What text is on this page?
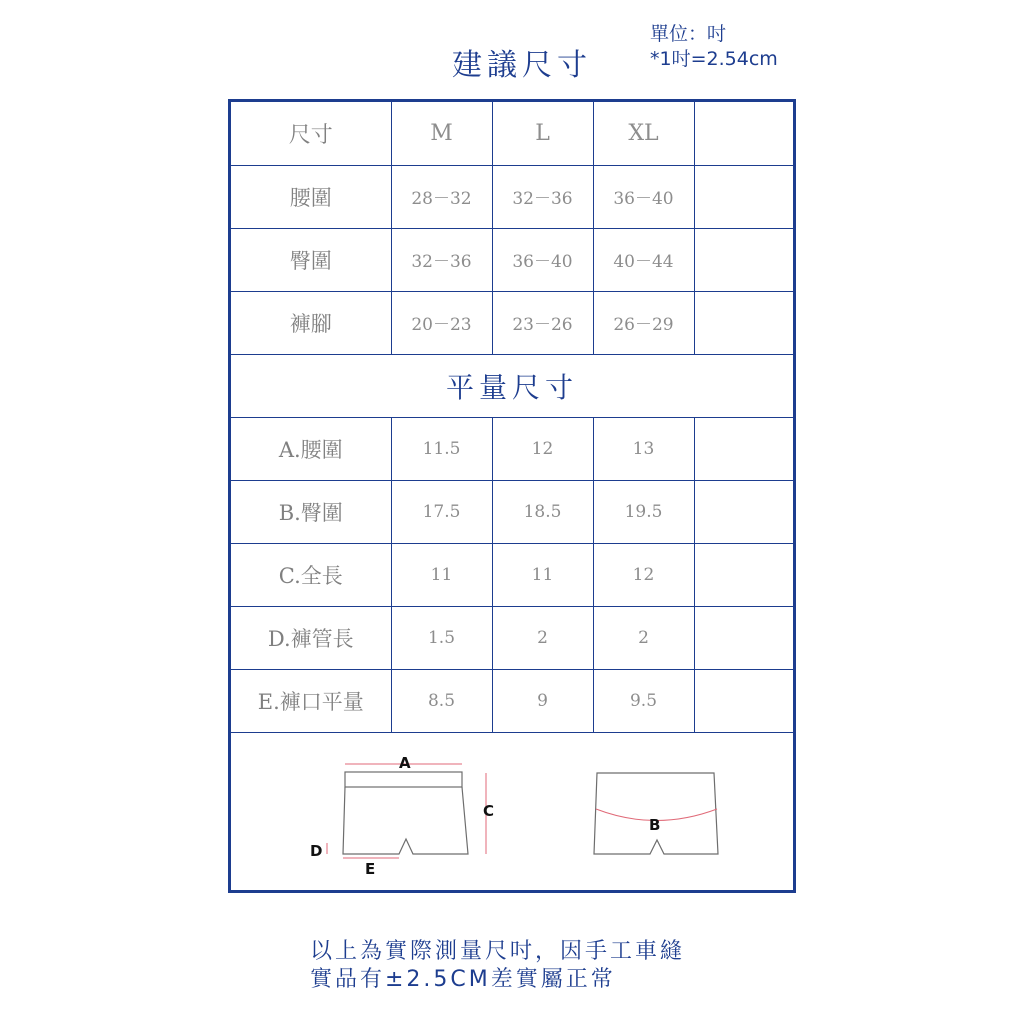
建議尺寸
單位：吋
*1吋=2.54cm
尺寸	M	L	XL	
腰圍	28－32	32－36	36－40	
臀圍	32－36	36－40	40－44	
褲腳	20－23	23－26	26－29	
平量尺寸				
A.腰圍	11.5	12	13	
B.臀圍	17.5	18.5	19.5	
C.全長	11	11	12	
D.褲管長	1.5	2	2	
E.褲口平量	8.5	9	9.5	
A
C
D
E
B
以上為實際測量尺吋，因手工車縫
實品有±2.5CM差實屬正常
